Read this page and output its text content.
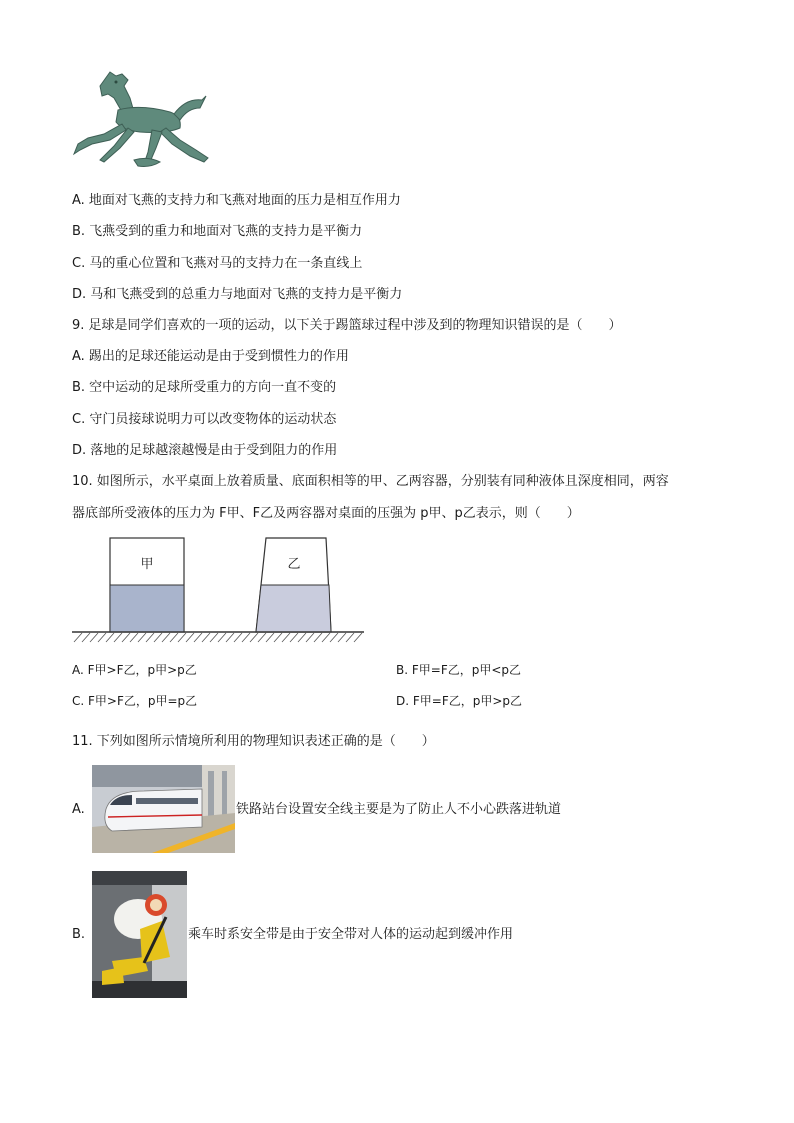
A. 地面对飞燕的支持力和飞燕对地面的压力是相互作用力
B. 飞燕受到的重力和地面对飞燕的支持力是平衡力
C. 马的重心位置和飞燕对马的支持力在一条直线上
D. 马和飞燕受到的总重力与地面对飞燕的支持力是平衡力
9. 足球是同学们喜欢的一项的运动，以下关于踢篮球过程中涉及到的物理知识错误的是（　　）
A. 踢出的足球还能运动是由于受到惯性力的作用
B. 空中运动的足球所受重力的方向一直不变的
C. 守门员接球说明力可以改变物体的运动状态
D. 落地的足球越滚越慢是由于受到阻力的作用
10. 如图所示，水平桌面上放着质量、底面积相等的甲、乙两容器，分别装有同种液体且深度相同，两容
器底部所受液体的压力为 F甲、F乙及两容器对桌面的压强为 p甲、p乙表示，则（　　）
甲	乙
A. F甲>F乙，p甲>p乙	B. F甲=F乙，p甲<p乙
C. F甲>F乙，p甲=p乙	D. F甲=F乙，p甲>p乙
11. 下列如图所示情境所利用的物理知识表述正确的是（　　）
A.	铁路站台设置安全线主要是为了防止人不小心跌落进轨道
B.	乘车时系安全带是由于安全带对人体的运动起到缓冲作用
